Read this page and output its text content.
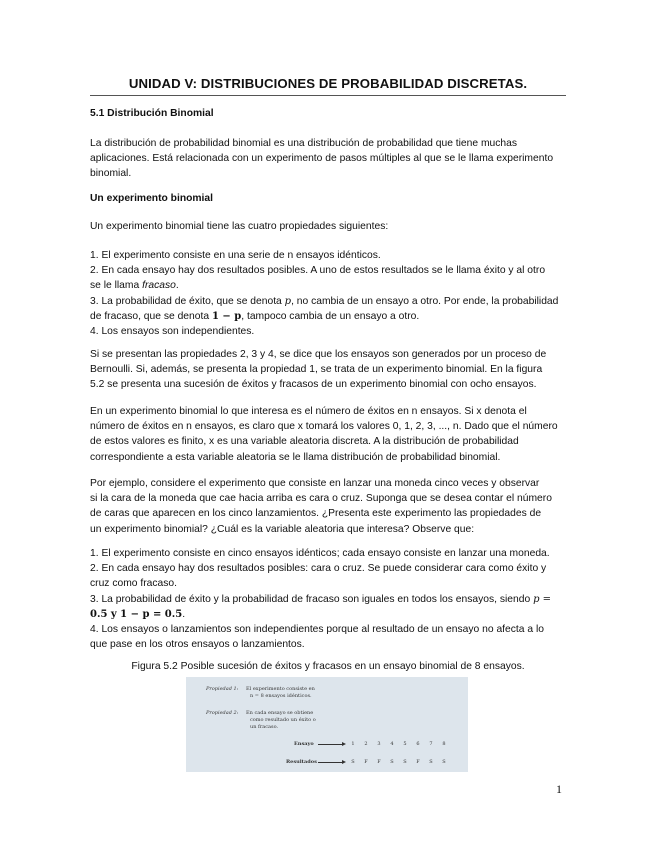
UNIDAD V: DISTRIBUCIONES DE PROBABILIDAD DISCRETAS.
5.1 Distribución Binomial

La distribución de probabilidad binomial es una distribución de probabilidad que tiene muchas
aplicaciones. Está relacionada con un experimento de pasos múltiples al que se le llama experimento
binomial.

Un experimento binomial

Un experimento binomial tiene las cuatro propiedades siguientes:

1. El experimento consiste en una serie de n ensayos idénticos.
2. En cada ensayo hay dos resultados posibles. A uno de estos resultados se le llama éxito y al otro
se le llama fracaso.
3. La probabilidad de éxito, que se denota p, no cambia de un ensayo a otro. Por ende, la probabilidad
de fracaso, que se denota 1 − p, tampoco cambia de un ensayo a otro.
4. Los ensayos son independientes.

Si se presentan las propiedades 2, 3 y 4, se dice que los ensayos son generados por un proceso de
Bernoulli. Si, además, se presenta la propiedad 1, se trata de un experimento binomial. En la figura
5.2 se presenta una sucesión de éxitos y fracasos de un experimento binomial con ocho ensayos.

En un experimento binomial lo que interesa es el número de éxitos en n ensayos. Si x denota el
número de éxitos en n ensayos, es claro que x tomará los valores 0, 1, 2, 3, ..., n. Dado que el número
de estos valores es finito, x es una variable aleatoria discreta. A la distribución de probabilidad
correspondiente a esta variable aleatoria se le llama distribución de probabilidad binomial.

Por ejemplo, considere el experimento que consiste en lanzar una moneda cinco veces y observar
si la cara de la moneda que cae hacia arriba es cara o cruz. Suponga que se desea contar el número
de caras que aparecen en los cinco lanzamientos. ¿Presenta este experimento las propiedades de
un experimento binomial? ¿Cuál es la variable aleatoria que interesa? Observe que:

1. El experimento consiste en cinco ensayos idénticos; cada ensayo consiste en lanzar una moneda.
2. En cada ensayo hay dos resultados posibles: cara o cruz. Se puede considerar cara como éxito y
cruz como fracaso.
3. La probabilidad de éxito y la probabilidad de fracaso son iguales en todos los ensayos, siendo p =
0.5 y 1 − p = 0.5.
4. Los ensayos o lanzamientos son independientes porque al resultado de un ensayo no afecta a lo
que pase en los otros ensayos o lanzamientos.

Figura 5.2 Posible sucesión de éxitos y fracasos en un ensayo binomial de 8 ensayos.

Propiedad 1: El experimento consiste en
n = 8 ensayos idénticos.
Propiedad 2: En cada ensayo se obtiene
como resultado un éxito o
un fracaso.
Ensayo	1	2	3	4	5	6	7	8
Resultados	S	F	F	S	S	F	S	S
1
